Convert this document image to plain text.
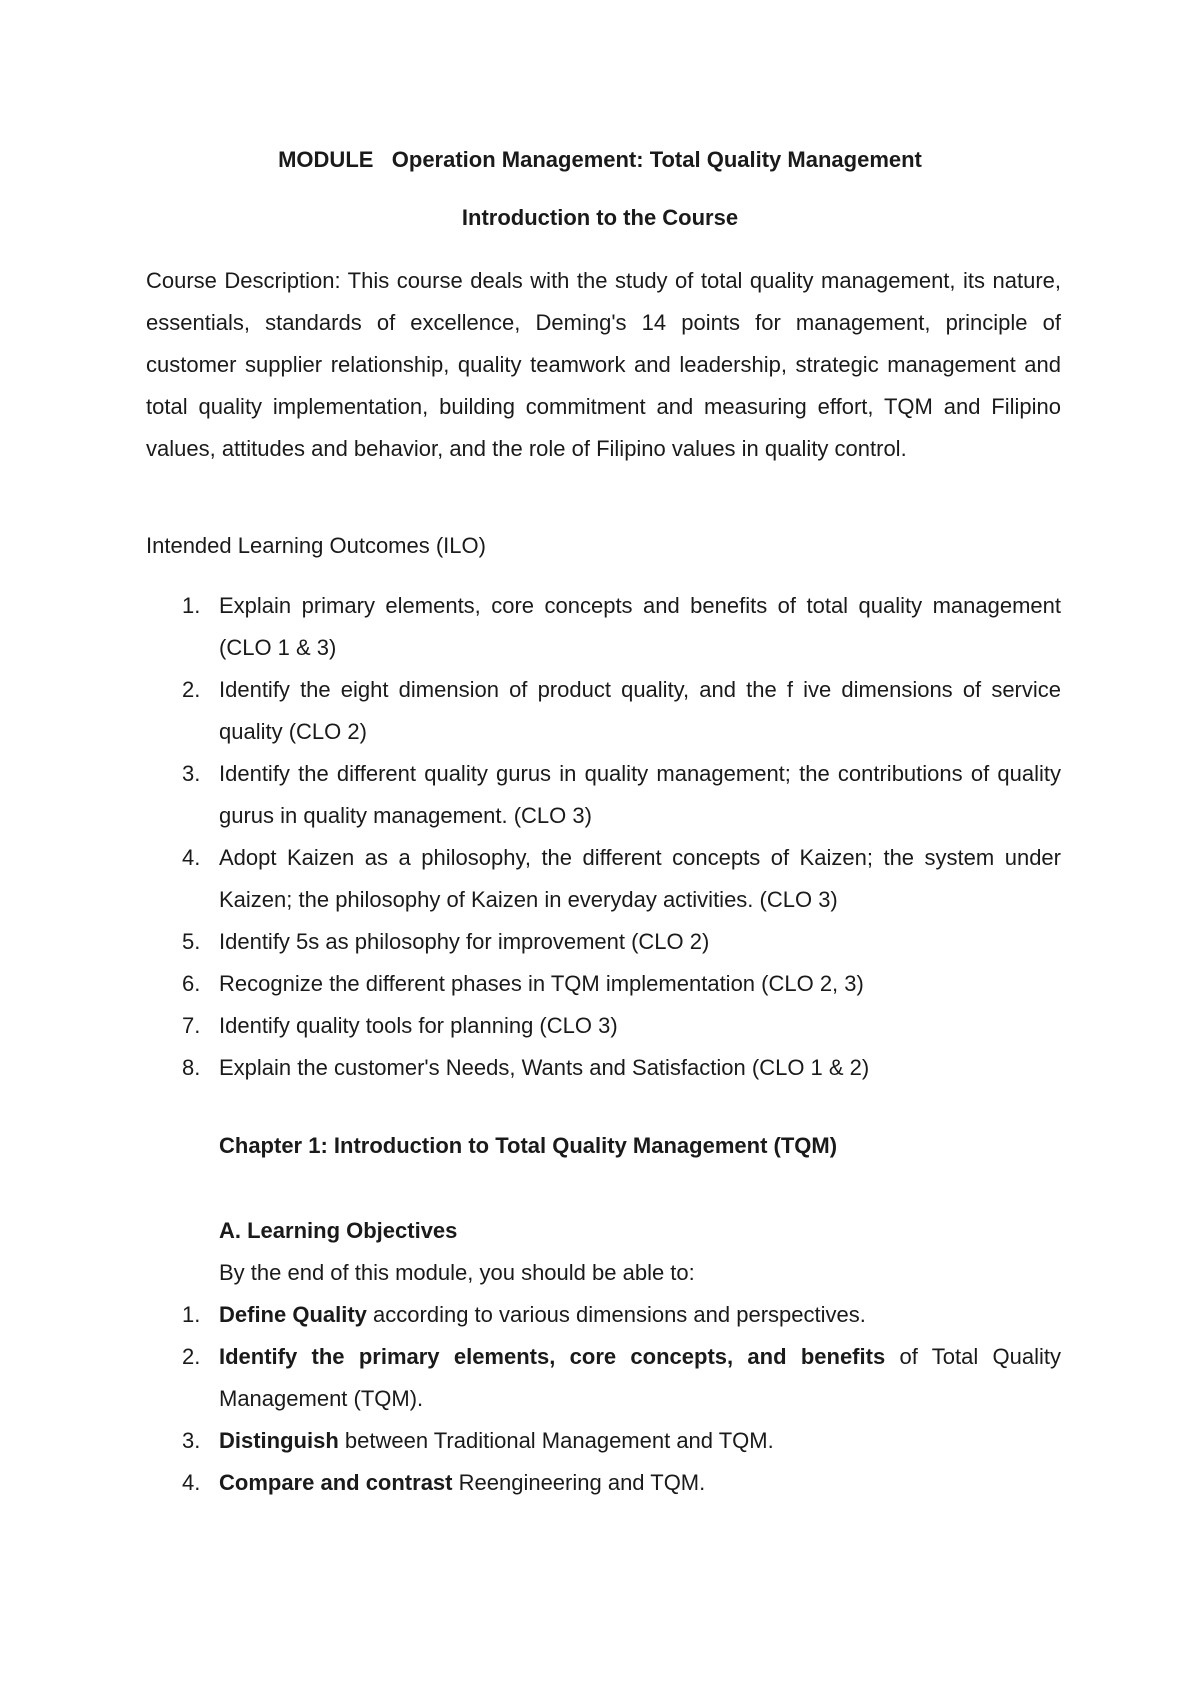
MODULE   Operation Management: Total Quality Management
Introduction to the Course

Course Description: This course deals with the study of total quality management, its nature, essentials, standards of excellence, Deming's 14 points for management, principle of customer supplier relationship, quality teamwork and leadership, strategic management and total quality implementation, building commitment and measuring effort, TQM and Filipino values, attitudes and behavior, and the role of Filipino values in quality control.

Intended Learning Outcomes (ILO)

1. Explain primary elements, core concepts and benefits of total quality management (CLO 1 & 3)
2. Identify the eight dimension of product quality, and the f ive dimensions of service quality (CLO 2)
3. Identify the different quality gurus in quality management; the contributions of quality gurus in quality management. (CLO 3)
4. Adopt Kaizen as a philosophy, the different concepts of Kaizen; the system under Kaizen; the philosophy of Kaizen in everyday activities. (CLO 3)
5. Identify 5s as philosophy for improvement (CLO 2)
6. Recognize the different phases in TQM implementation (CLO 2, 3)
7. Identify quality tools for planning (CLO 3)
8. Explain the customer's Needs, Wants and Satisfaction (CLO 1 & 2)

Chapter 1: Introduction to Total Quality Management (TQM)

A. Learning Objectives

By the end of this module, you should be able to:

1. Define Quality according to various dimensions and perspectives.
2. Identify the primary elements, core concepts, and benefits of Total Quality Management (TQM).
3. Distinguish between Traditional Management and TQM.
4. Compare and contrast Reengineering and TQM.
